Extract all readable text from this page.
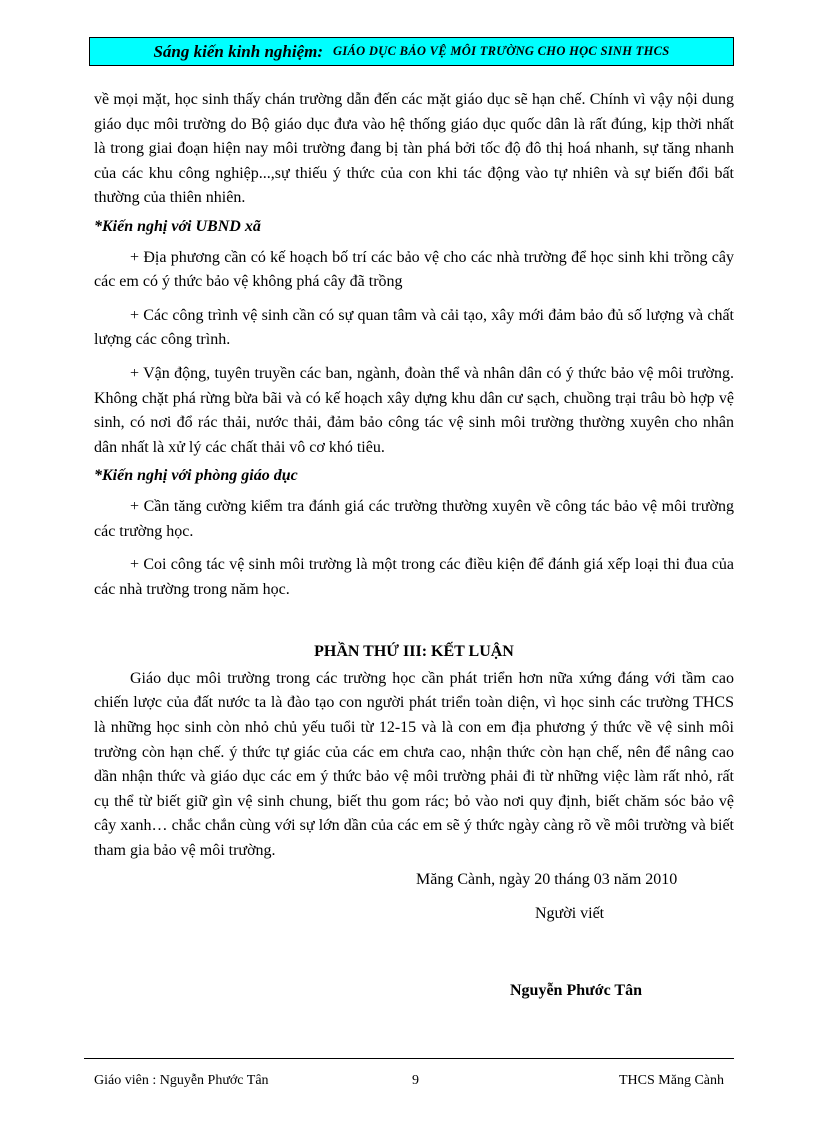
Sáng kiến kinh nghiệm: GIÁO DỤC BẢO VỆ MÔI TRƯỜNG CHO HỌC SINH THCS

về mọi mặt, học sinh thấy chán trường dẫn đến các mặt giáo dục sẽ hạn chế. Chính vì vậy nội dung giáo dục môi trường do Bộ giáo dục đưa vào hệ thống giáo dục quốc dân là rất đúng, kịp thời nhất là trong giai đoạn hiện nay môi trường đang bị tàn phá bởi tốc độ đô thị hoá nhanh, sự tăng nhanh của các khu công nghiệp...,sự thiếu ý thức của con khi tác động vào tự nhiên và sự biến đổi bất thường của thiên nhiên.

*Kiến nghị với UBND xã

+ Địa phương cần có kế hoạch bố trí các bảo vệ cho các nhà trường để học sinh khi trồng cây các em có ý thức bảo vệ không phá cây đã trồng

+ Các công trình vệ sinh cần có sự quan tâm và cải tạo, xây mới đảm bảo đủ số lượng và chất lượng các công trình.

+ Vận động, tuyên truyền các ban, ngành, đoàn thể và nhân dân có ý thức bảo vệ môi trường. Không chặt phá rừng bừa bãi và có kế hoạch xây dựng khu dân cư sạch, chuồng trại trâu bò hợp vệ sinh, có nơi đổ rác thải, nước thải, đảm bảo công tác vệ sinh môi trường thường xuyên cho nhân dân nhất là xử lý các chất thải vô cơ khó tiêu.

*Kiến nghị với phòng giáo dục

+ Cần tăng cường kiểm tra đánh giá các trường thường xuyên về công tác bảo vệ môi trường các trường học.

+ Coi công tác vệ sinh môi trường là một trong các điều kiện để đánh giá xếp loại thi đua của các nhà trường trong năm học.

PHẦN THỨ III: KẾT LUẬN

Giáo dục môi trường trong các trường học cần phát triển hơn nữa xứng đáng với tầm cao chiến lược của đất nước ta là đào tạo con người phát triển toàn diện, vì học sinh các trường THCS là những học sinh còn nhỏ chủ yếu tuổi từ 12-15 và là con em địa phương ý thức về vệ sinh môi trường còn hạn chế. ý thức tự giác của các em chưa cao, nhận thức còn hạn chế, nên để nâng cao dần nhận thức và giáo dục các em ý thức bảo vệ môi trường phải đi từ những việc làm rất nhỏ, rất cụ thể từ biết giữ gìn vệ sinh chung, biết thu gom rác; bỏ vào nơi quy định, biết chăm sóc bảo vệ cây xanh… chắc chắn cùng với sự lớn dần của các em sẽ ý thức ngày càng rõ về môi trường và biết tham gia bảo vệ môi trường.

Măng Cành, ngày 20 tháng 03 năm 2010

Người viết

Nguyễn Phước Tân

Giáo viên : Nguyễn Phước Tân	9	THCS Măng Cành
